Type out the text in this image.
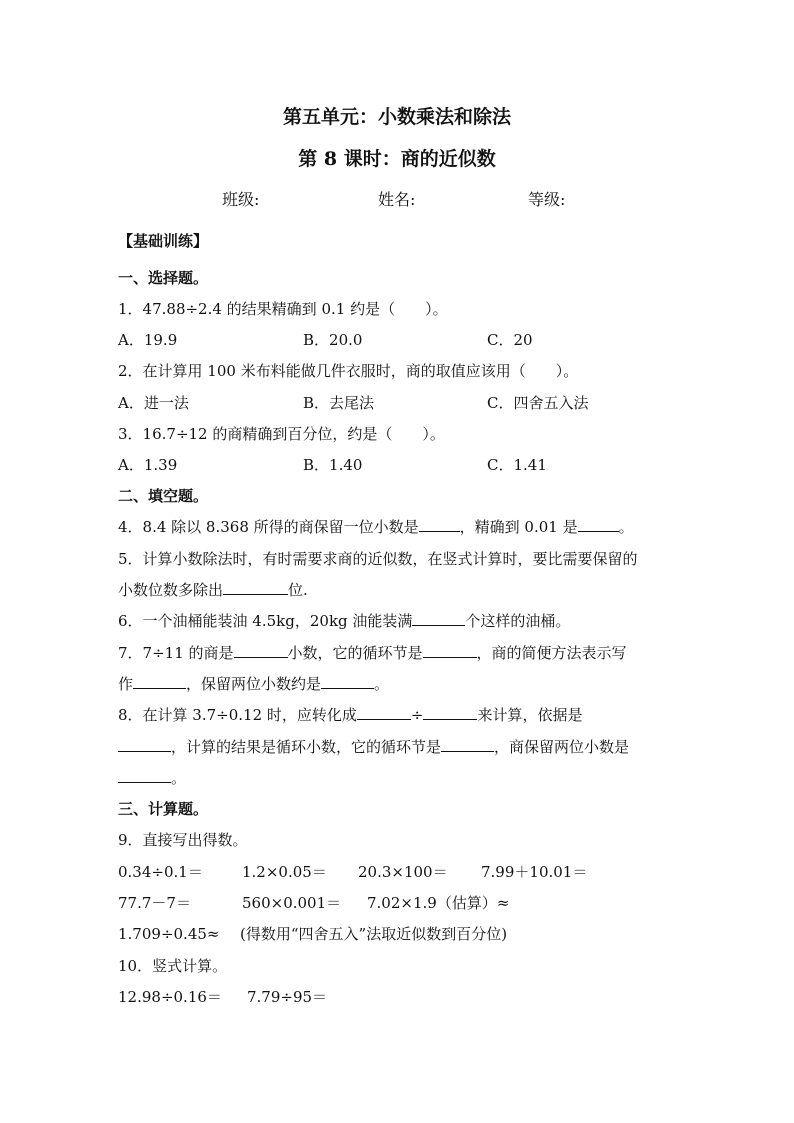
第五单元：小数乘法和除法
第 8 课时：商的近似数
班级:	姓名:	等级:
【基础训练】
一、选择题。
1．47.88÷2.4 的结果精确到 0.1 约是（　　）。
A．19.9	B．20.0	C．20
2．在计算用 100 米布料能做几件衣服时，商的取值应该用（　　）。
A．进一法	B．去尾法	C．四舍五入法
3．16.7÷12 的商精确到百分位，约是（　　）。
A．1.39	B．1.40	C．1.41
二、填空题。
4．8.4 除以 8.368 所得的商保留一位小数是	，精确到 0.01 是	。
5．计算小数除法时，有时需要求商的近似数，在竖式计算时，要比需要保留的
小数位数多除出	位.
6．一个油桶能装油 4.5kg，20kg 油能装满	个这样的油桶。
7．7÷11 的商是	小数，它的循环节是	，商的简便方法表示写
作	，保留两位小数约是	。
8．在计算 3.7÷0.12 时，应转化成	÷	来计算，依据是
，计算的结果是循环小数，它的循环节是	，商保留两位小数是
。
三、计算题。
9．直接写出得数。
0.34÷0.1＝	1.2×0.05＝ 20.3×100＝ 7.99＋10.01＝
77.7－7＝	560×0.001＝ 7.02×1.9（估算）≈
1.709÷0.45≈ (得数用“四舍五入”法取近似数到百分位)
10．竖式计算。
12.98÷0.16＝ 7.79÷95＝
